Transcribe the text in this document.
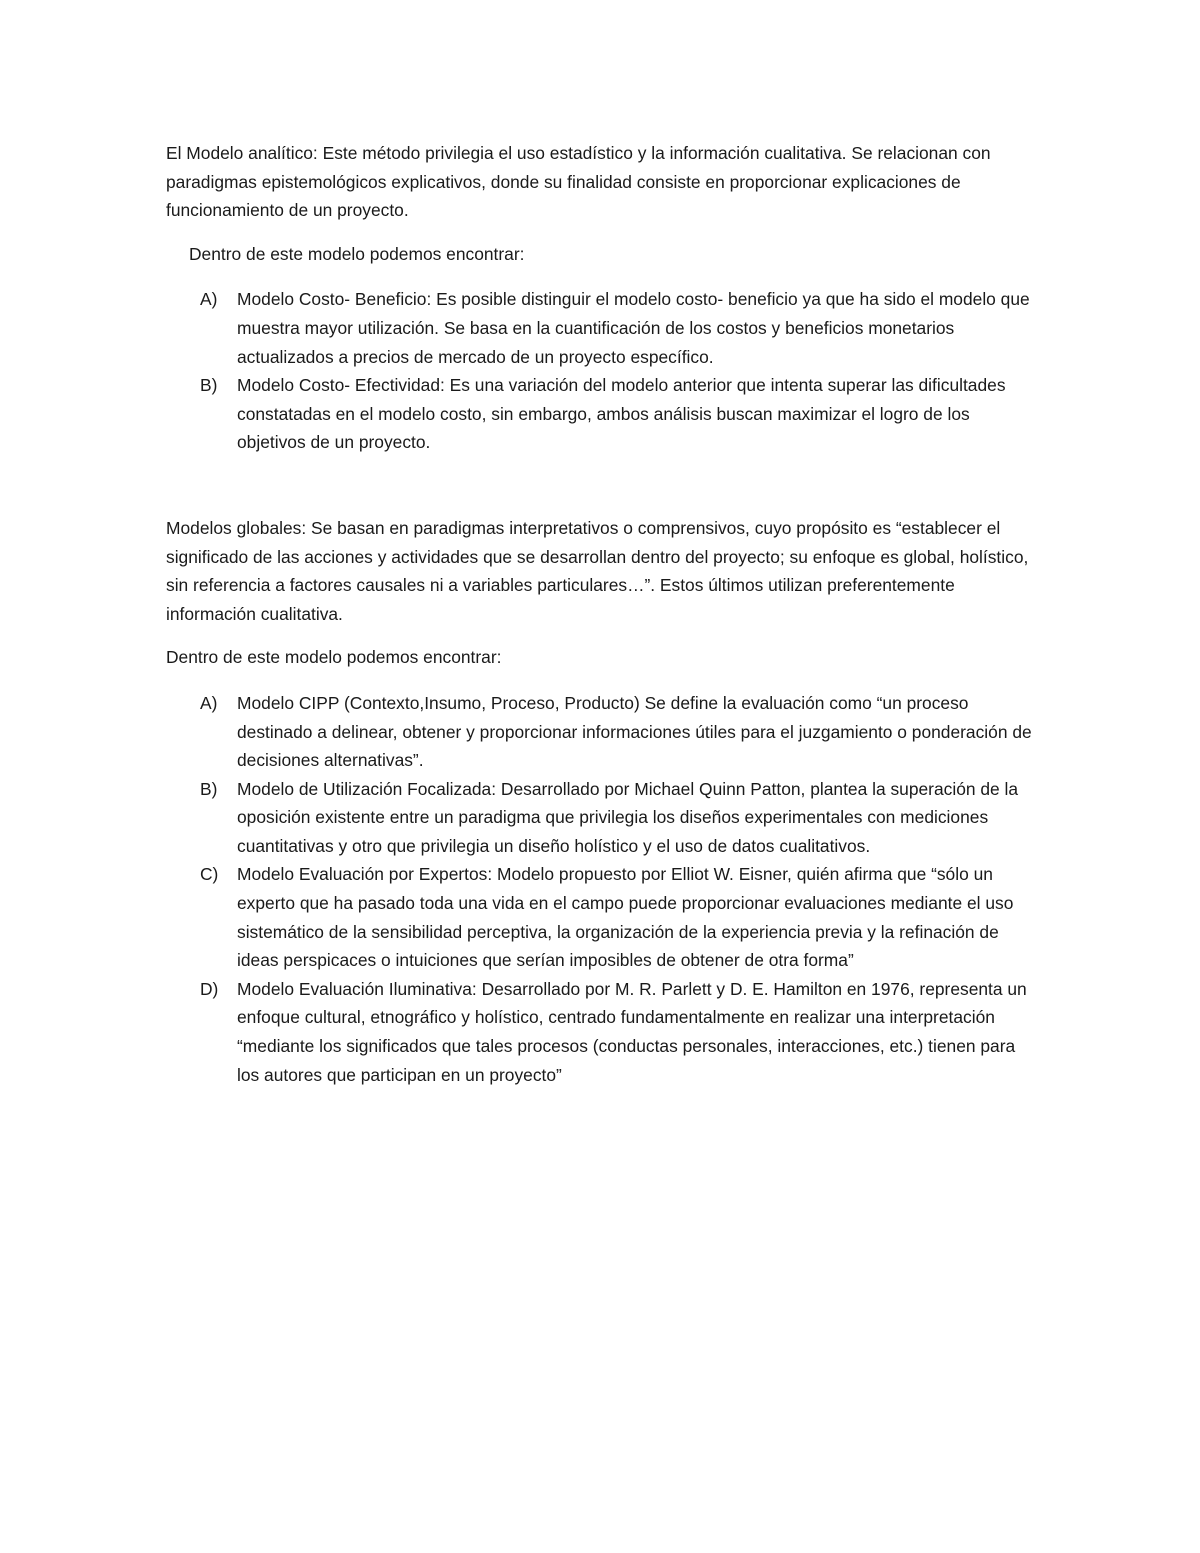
El Modelo analítico: Este método privilegia el uso estadístico y la información cualitativa. Se relacionan con paradigmas epistemológicos explicativos, donde su finalidad consiste en proporcionar explicaciones de funcionamiento de un proyecto.

Dentro de este modelo podemos encontrar:

A) Modelo Costo- Beneficio: Es posible distinguir el modelo costo- beneficio ya que ha sido el modelo que muestra mayor utilización. Se basa en la cuantificación de los costos y beneficios monetarios actualizados a precios de mercado de un proyecto específico.
B) Modelo Costo- Efectividad: Es una variación del modelo anterior que intenta superar las dificultades constatadas en el modelo costo, sin embargo, ambos análisis buscan maximizar el logro de los objetivos de un proyecto.

Modelos globales: Se basan en paradigmas interpretativos o comprensivos, cuyo propósito es “establecer el significado de las acciones y actividades que se desarrollan dentro del proyecto; su enfoque es global, holístico, sin referencia a factores causales ni a variables particulares…”. Estos últimos utilizan preferentemente información cualitativa.

Dentro de este modelo podemos encontrar:

A) Modelo CIPP (Contexto,Insumo, Proceso, Producto) Se define la evaluación como “un proceso destinado a delinear, obtener y proporcionar informaciones útiles para el juzgamiento o ponderación de decisiones alternativas”.
B) Modelo de Utilización Focalizada: Desarrollado por Michael Quinn Patton, plantea la superación de la oposición existente entre un paradigma que privilegia los diseños experimentales con mediciones cuantitativas y otro que privilegia un diseño holístico y el uso de datos cualitativos.
C) Modelo Evaluación por Expertos: Modelo propuesto por Elliot W. Eisner, quién afirma que “sólo un experto que ha pasado toda una vida en el campo puede proporcionar evaluaciones mediante el uso sistemático de la sensibilidad perceptiva, la organización de la experiencia previa y la refinación de ideas perspicaces o intuiciones que serían imposibles de obtener de otra forma”
D) Modelo Evaluación Iluminativa: Desarrollado por M. R. Parlett y D. E. Hamilton en 1976, representa un enfoque cultural, etnográfico y holístico, centrado fundamentalmente en realizar una interpretación “mediante los significados que tales procesos (conductas personales, interacciones, etc.) tienen para los autores que participan en un proyecto”
